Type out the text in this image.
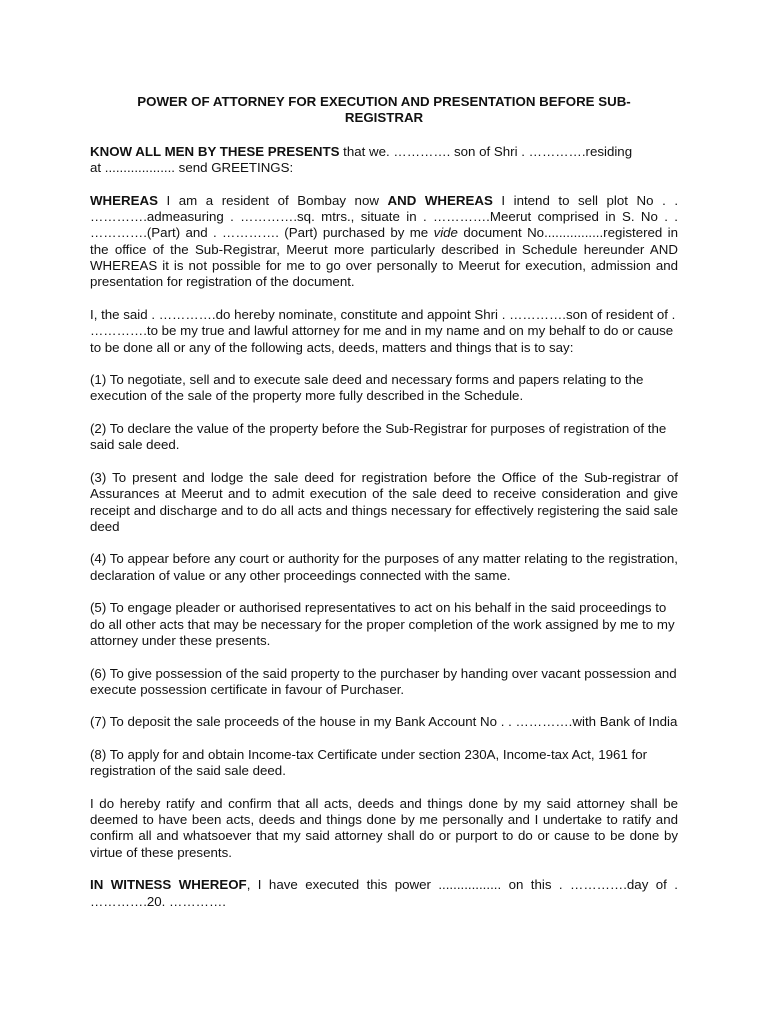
POWER OF ATTORNEY FOR EXECUTION AND PRESENTATION BEFORE SUB-REGISTRAR
KNOW ALL MEN BY THESE PRESENTS that we. …………. son of Shri . ………….residing
at ................... send GREETINGS:
WHEREAS I am a resident of Bombay now AND WHEREAS I intend to sell plot No . . ………….admeasuring . ………….sq. mtrs., situate in . ………….Meerut comprised in S. No . . ………….(Part) and . …………. (Part) purchased by me vide document No................registered in the office of the Sub-Registrar, Meerut more particularly described in Schedule hereunder AND WHEREAS it is not possible for me to go over personally to Meerut for execution, admission and presentation for registration of the document.
I, the said . ………….do hereby nominate, constitute and appoint Shri . ………….son of resident of . ………….to be my true and lawful attorney for me and in my name and on my behalf to do or cause to be done all or any of the following acts, deeds, matters and things that is to say:
(1) To negotiate, sell and to execute sale deed and necessary forms and papers relating to the execution of the sale of the property more fully described in the Schedule.
(2) To declare the value of the property before the Sub-Registrar for purposes of registration of the said sale deed.
(3) To present and lodge the sale deed for registration before the Office of the Sub-registrar of Assurances at Meerut and to admit execution of the sale deed to receive consideration and give receipt and discharge and to do all acts and things necessary for effectively registering the said sale deed
(4) To appear before any court or authority for the purposes of any matter relating to the registration, declaration of value or any other proceedings connected with the same.
(5) To engage pleader or authorised representatives to act on his behalf in the said proceedings to do all other acts that may be necessary for the proper completion of the work assigned by me to my attorney under these presents.
(6) To give possession of the said property to the purchaser by handing over vacant possession and execute possession certificate in favour of Purchaser.
(7) To deposit the sale proceeds of the house in my Bank Account No . . ………….with Bank of India
(8) To apply for and obtain Income-tax Certificate under section 230A, Income-tax Act, 1961 for registration of the said sale deed.
I do hereby ratify and confirm that all acts, deeds and things done by my said attorney shall be deemed to have been acts, deeds and things done by me personally and I undertake to ratify and confirm all and whatsoever that my said attorney shall do or purport to do or cause to be done by virtue of these presents.
IN WITNESS WHEREOF, I have executed this power ................. on this . ………….day of . ………….20. ………….
